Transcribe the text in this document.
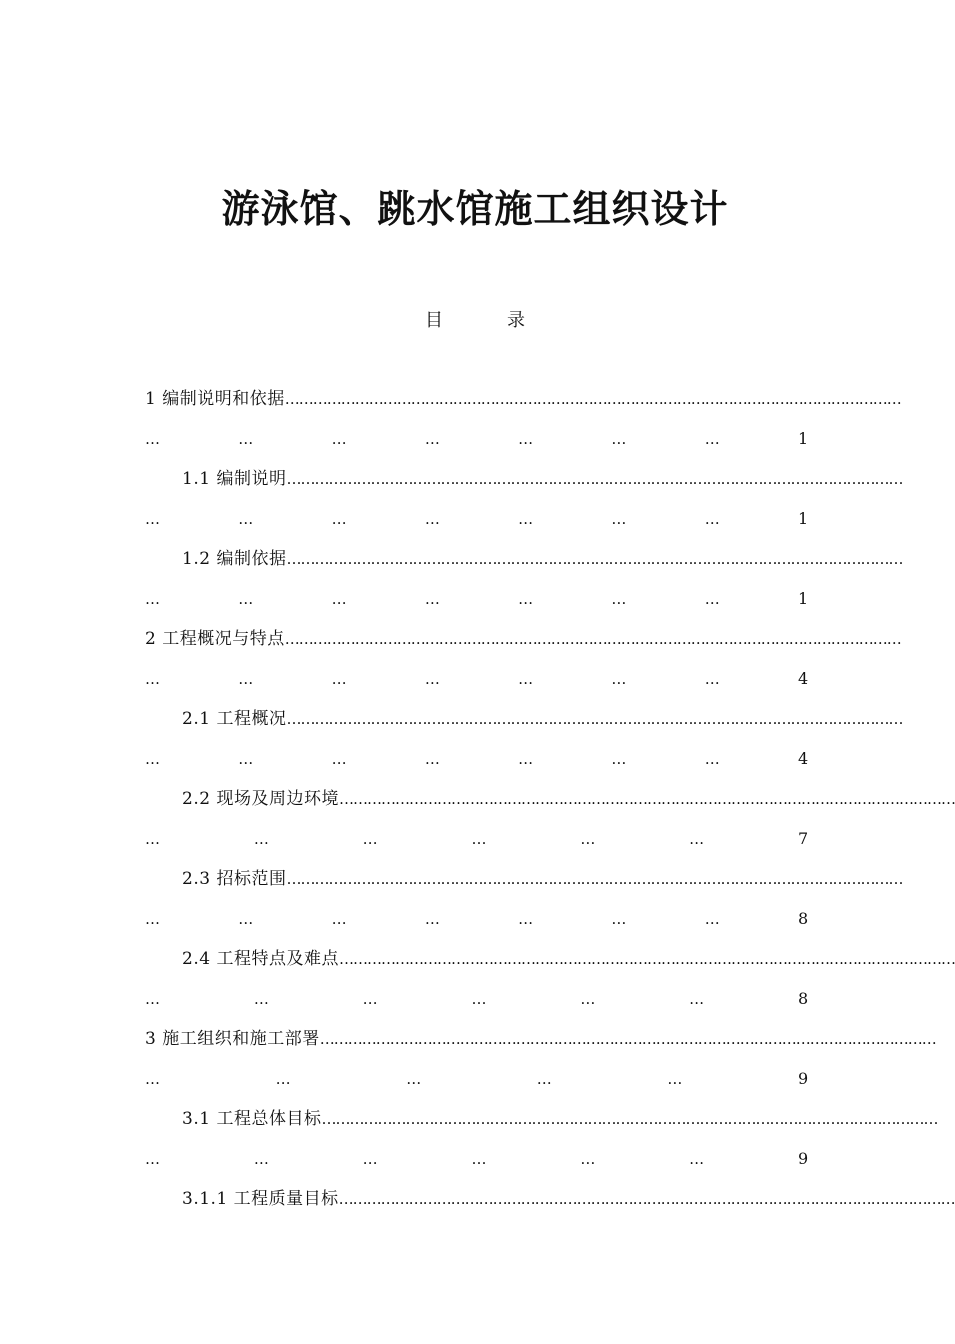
游泳馆、跳水馆施工组织设计
目	录
1 编制说明和依据 ……………………………………………………………………………………………………………………
…	…	…	…	…	…	…	1
1.1 编制说明 ……………………………………………………………………………………………………………………
…	…	…	…	…	…	…	1
1.2 编制依据 ……………………………………………………………………………………………………………………
…	…	…	…	…	…	…	1
2 工程概况与特点 ……………………………………………………………………………………………………………………
…	…	…	…	…	…	…	4
2.1 工程概况 ……………………………………………………………………………………………………………………
…	…	…	…	…	…	…	4
2.2 现场及周边环境 ……………………………………………………………………………………………………………………
…	…	…	…	…	…	7
2.3 招标范围 ……………………………………………………………………………………………………………………
…	…	…	…	…	…	…	8
2.4 工程特点及难点 ……………………………………………………………………………………………………………………
…	…	…	…	…	…	8
3 施工组织和施工部署 ……………………………………………………………………………………………………………………
…	…	…	…	…	9
3.1 工程总体目标 ……………………………………………………………………………………………………………………
…	…	…	…	…	…	9
3.1.1 工程质量目标 ……………………………………………………………………………………………………………………
